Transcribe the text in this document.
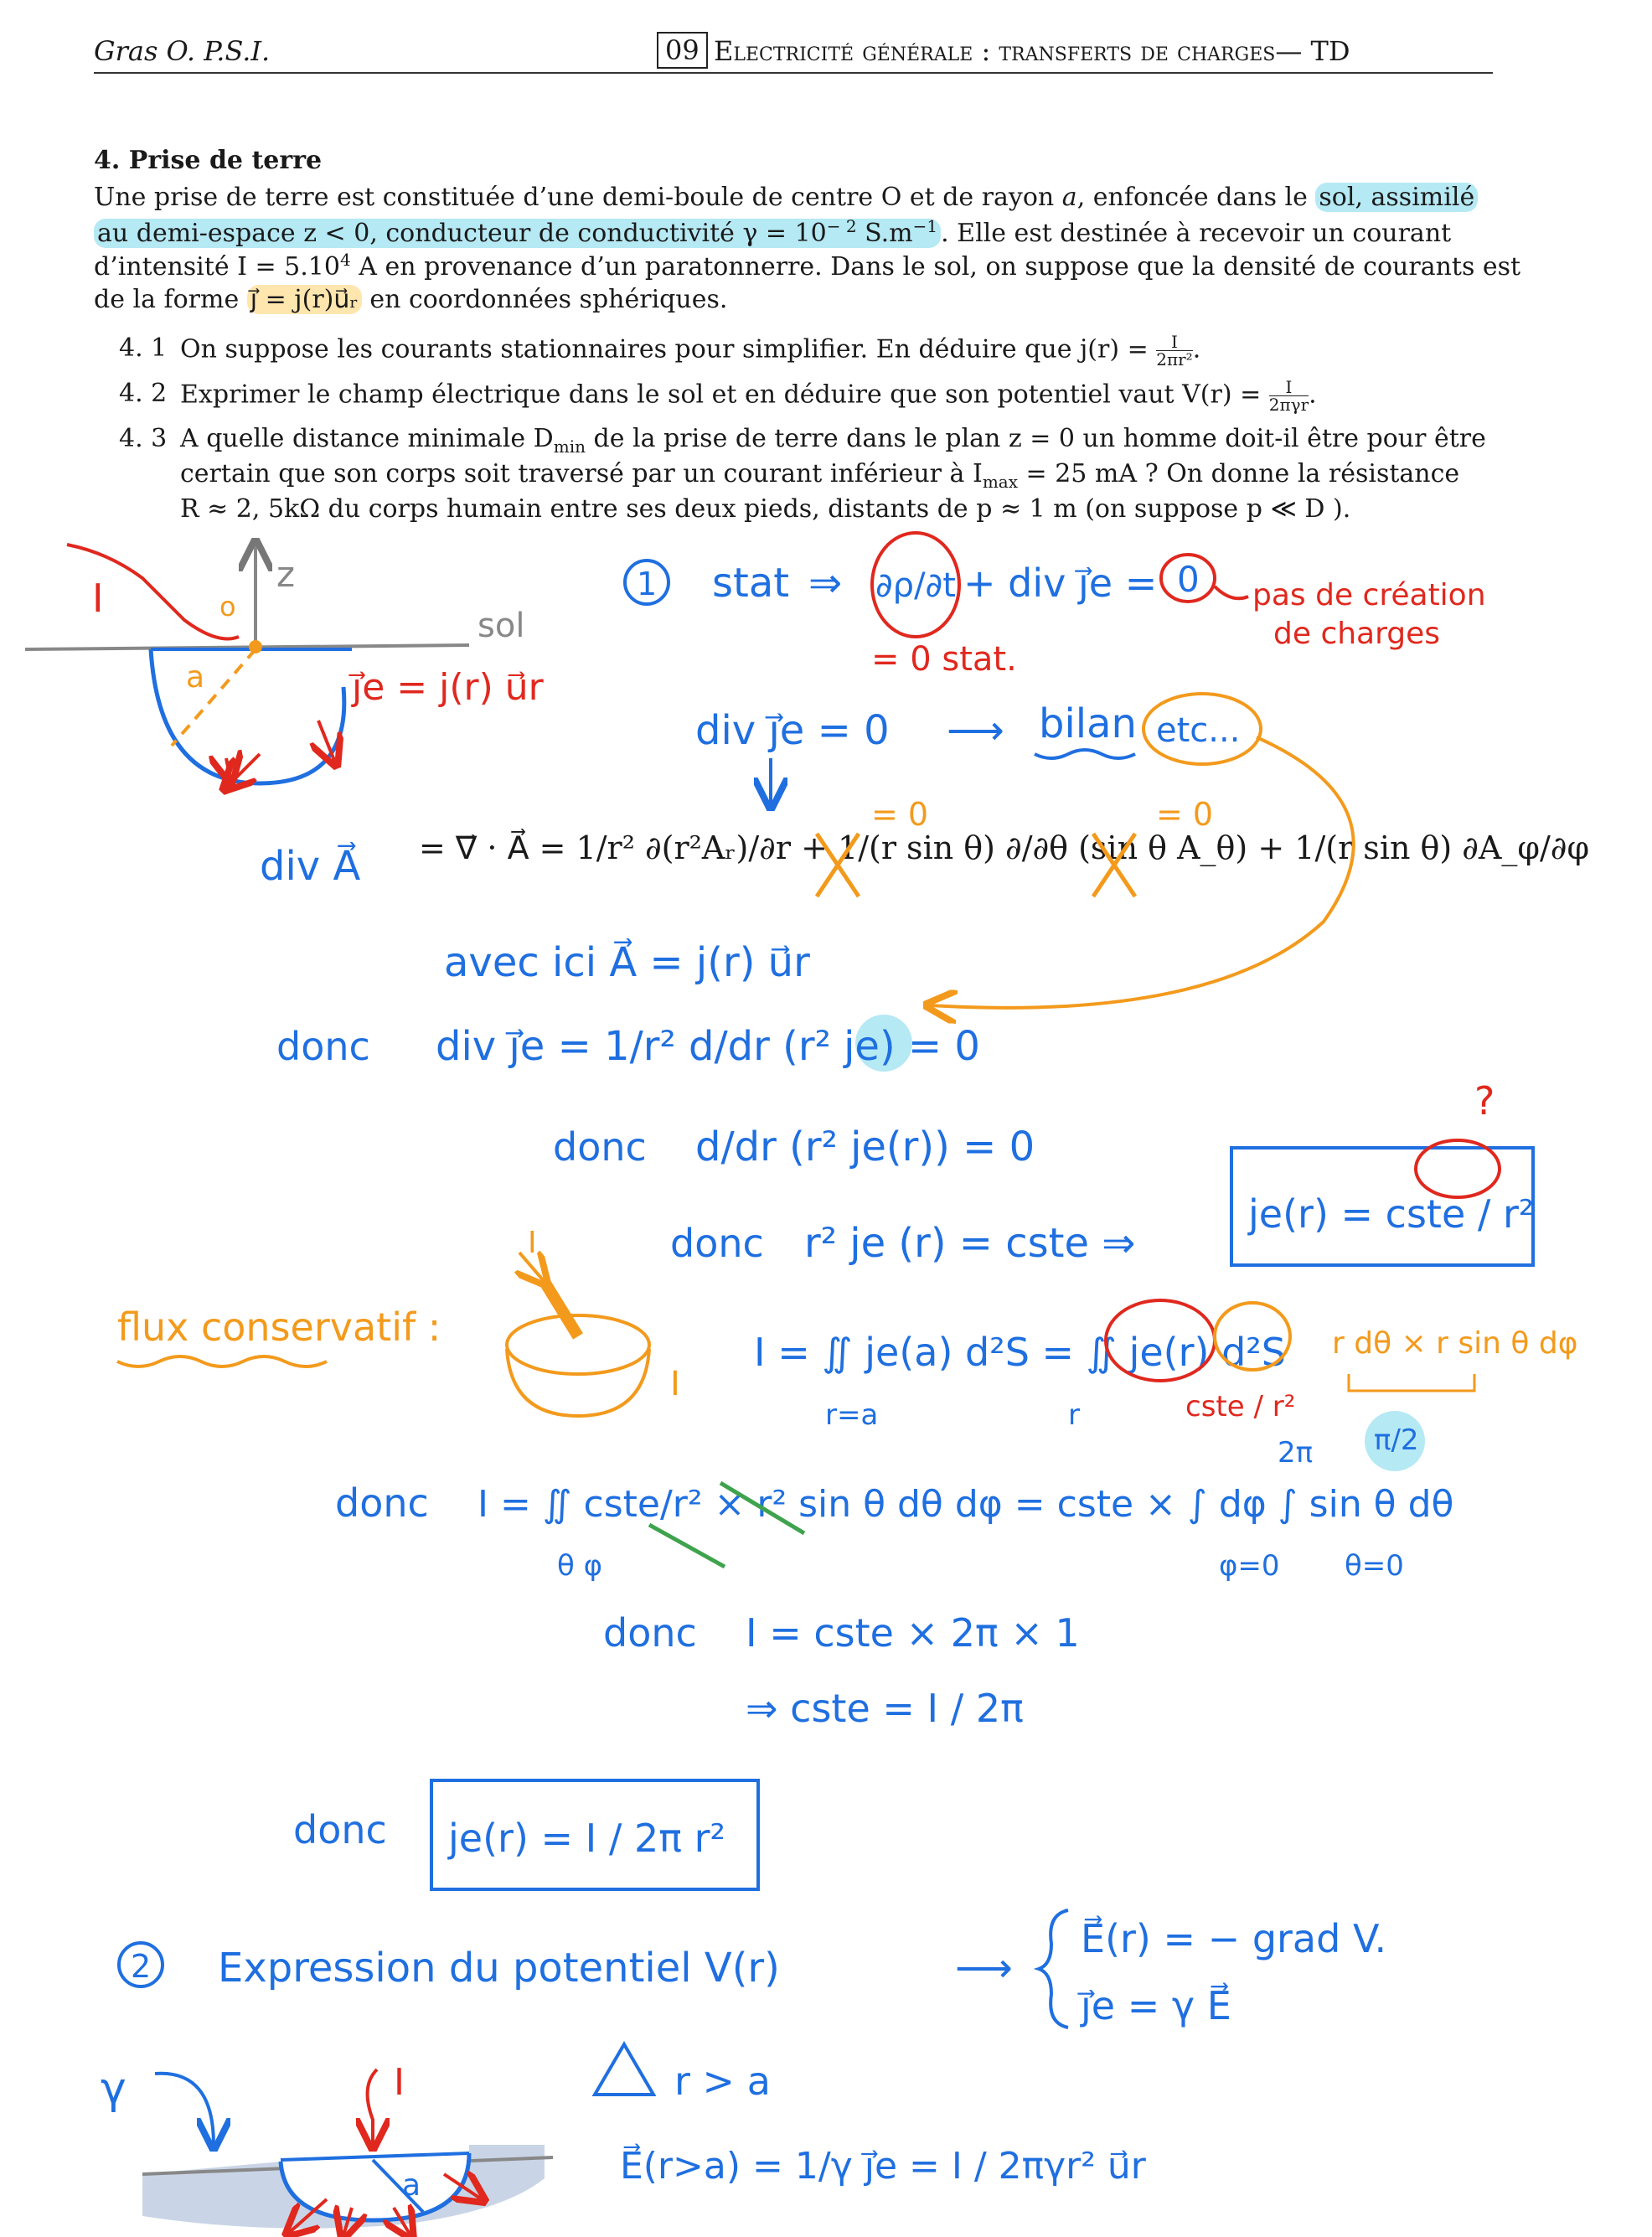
Gras O. P.S.I.	09 Electricité générale : transferts de charges— TD
4. Prise de terre
Une prise de terre est constituée d’une demi-boule de centre O et de rayon a, enfoncée dans le sol, assimilé
au demi-espace z < 0, conducteur de conductivité $\gamma = 10^{- 2}$ $S.m^{-1}$ . Elle est destinée à recevoir un courant
d’intensité $I = 5.10^4$ A en provenance d’un paratonnerre. Dans le sol, on suppose que la densité de courants est
de la forme j⃗ = j(r)u⃗ᵣ en coordonnées sphériques.
4. 1 On suppose les courants stationnaires pour simplifier. En déduire que $j(r) = \frac{I}{\text{2πr²}}$ .
4. 2 Exprimer le champ électrique dans le sol et en déduire que son potentiel vaut $V(r) = \frac{I}{\text{2πγr}}$ .
4. 3 A quelle distance minimale $D_{min}$ de la prise de terre dans le plan z = 0 un homme doit-il être pour être
certain que son corps soit traversé par un courant inférieur à $I_{max} = 25$ mA ? On donne la résistance
R ≈ 2, 5kΩ du corps humain entre ses deux pieds, distants de p ≈ 1 m (on suppose p ≪ D ).
= ∇⃗ · A⃗ = 1/r² ∂(r²Aᵣ)/∂r + 1/(r sin θ) ∂/∂θ (sin θ A_θ) + 1/(r sin θ) ∂A_φ/∂φ
I
z
sol
a
o
j⃗e = j(r) u⃗r
1 stat ⇒ ∂ρ/∂t + div j⃗e = 0 pas de création
de charges
= 0 stat.
div j⃗e = 0 ⟶ bilan etc...
div A⃗
= 0	= 0
avec ici A⃗ = j(r) u⃗r
donc div j⃗e = 1/r² d/dr (r² je) = 0
donc d/dr (r² je(r)) = 0
?
donc r² je (r) = cste ⇒
je(r) = cste / r²
flux conservatif :
I
I
I = ∬ je(a) d²S = ∬ je(r) d²S
r=a	r
r dθ × r sin θ dφ
cste / r²
donc I = ∬ cste/r² × r² sin θ dθ dφ = cste × ∫ dφ ∫ sin θ dθ
θ φ	φ=0 θ=0
2π π/2
donc I = cste × 2π × 1
⇒ cste = I / 2π
donc je(r) = I / 2π r²
2 Expression du potentiel V(r)	⟶
E⃗(r) = − grad V.
j⃗e = γ E⃗
r > a
E⃗(r>a) = 1/γ j⃗e = I / 2πγr² u⃗r
I
a
γ
